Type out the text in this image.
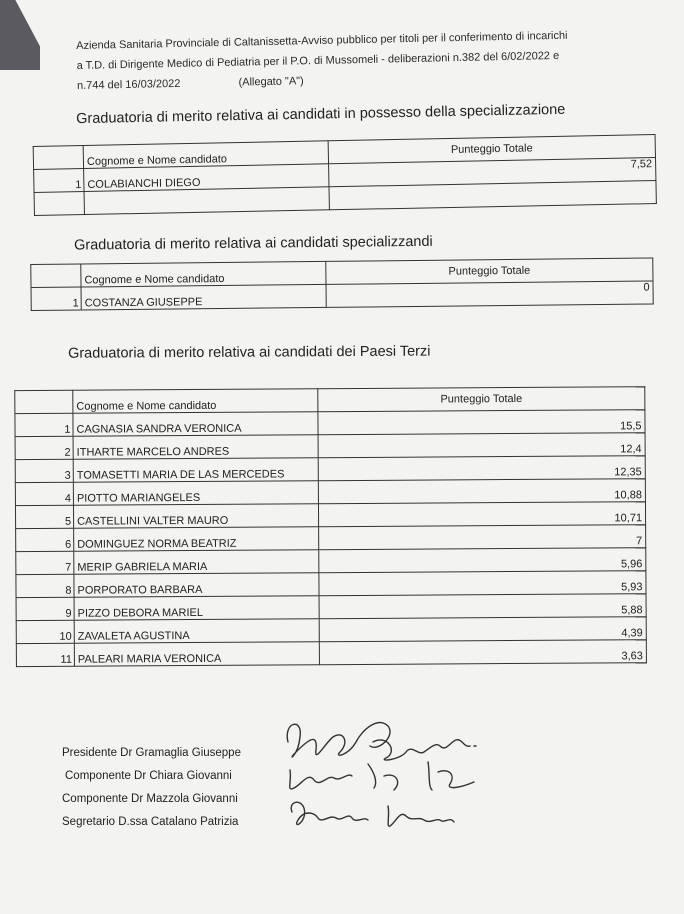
Azienda Sanitaria Provinciale di Caltanissetta-Avviso pubblico per titoli per il conferimento di incarichi
a T.D. di Dirigente Medico di Pediatria per il P.O. di Mussomeli - deliberazioni n.382 del 6/02/2022 e
n.744 del 16/03/2022	(Allegato "A")
Graduatoria di merito relativa ai candidati in possesso della specializzazione
	Cognome e Nome candidato	Punteggio Totale
1	COLABIANCHI DIEGO	7,52

Graduatoria di merito relativa ai candidati specializzandi
	Cognome e Nome candidato	Punteggio Totale
1	COSTANZA GIUSEPPE	0
Graduatoria di merito relativa ai candidati dei Paesi Terzi
	Cognome e Nome candidato	Punteggio Totale
1	CAGNASIA SANDRA VERONICA	15,5
2	ITHARTE MARCELO ANDRES	12,4
3	TOMASETTI MARIA DE LAS MERCEDES	12,35
4	PIOTTO MARIANGELES	10,88
5	CASTELLINI VALTER MAURO	10,71
6	DOMINGUEZ NORMA BEATRIZ	7
7	MERIP GABRIELA MARIA	5,96
8	PORPORATO BARBARA	5,93
9	PIZZO DEBORA MARIEL	5,88
10	ZAVALETA AGUSTINA	4,39
11	PALEARI MARIA VERONICA	3,63
Presidente Dr Gramaglia Giuseppe
Componente Dr Chiara Giovanni
Componente Dr Mazzola Giovanni
Segretario D.ssa Catalano Patrizia
